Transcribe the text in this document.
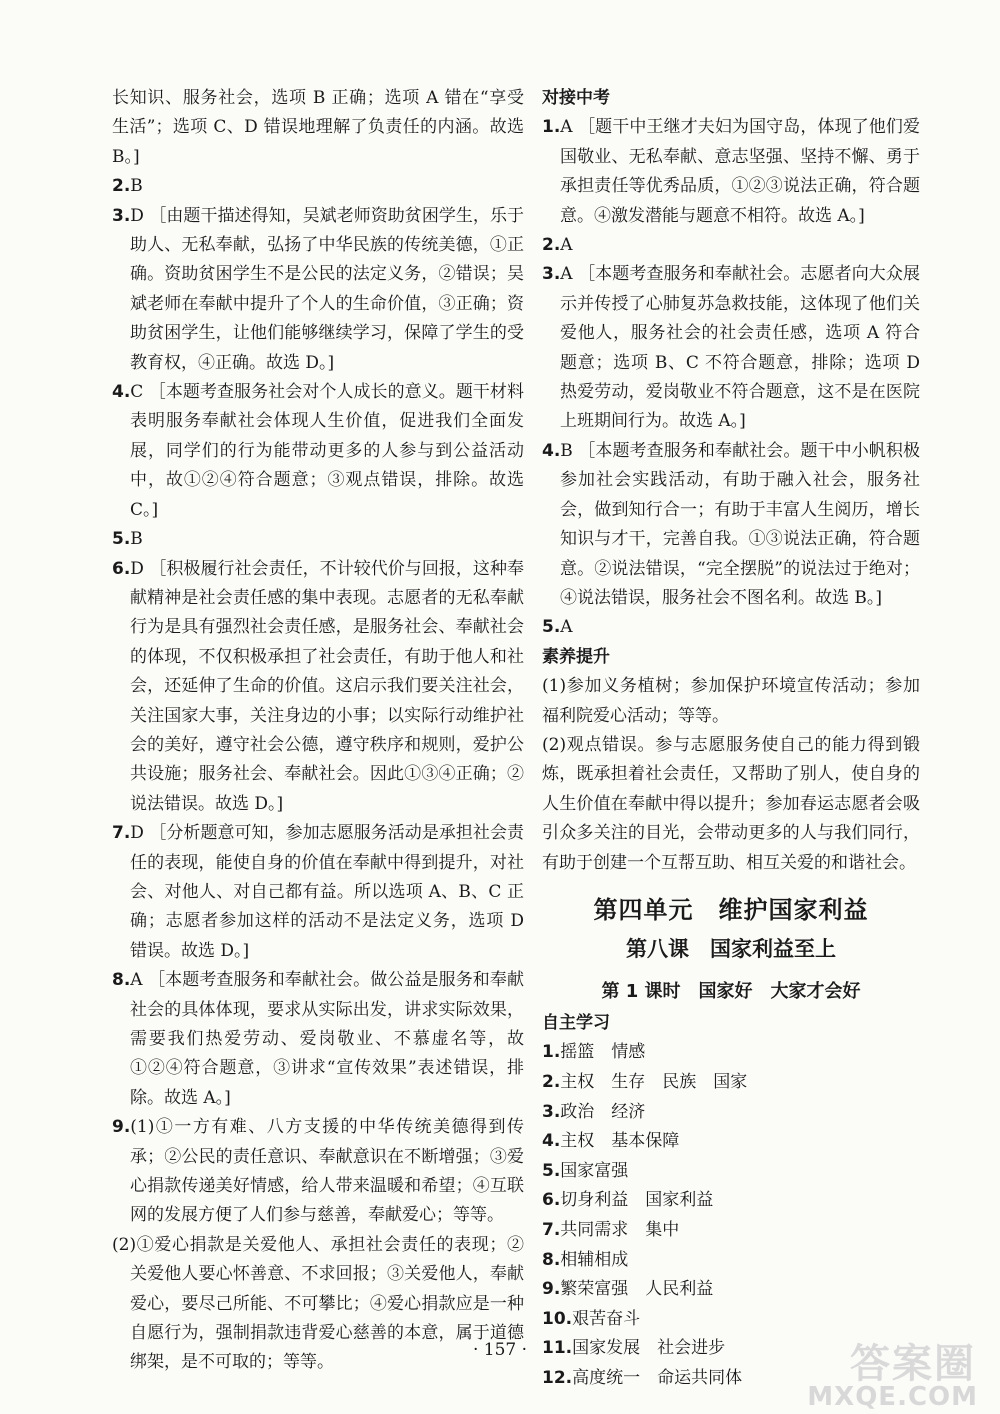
长知识、服务社会，选项 B 正确；选项 A 错在“享受生活”；选项 C、D 错误地理解了负责任的内涵。故选 B。]

2.B

3.D ［由题干描述得知，吴斌老师资助贫困学生，乐于助人、无私奉献，弘扬了中华民族的传统美德，①正确。资助贫困学生不是公民的法定义务，②错误；吴斌老师在奉献中提升了个人的生命价值，③正确；资助贫困学生，让他们能够继续学习，保障了学生的受教育权，④正确。故选 D。]

4.C ［本题考查服务社会对个人成长的意义。题干材料表明服务奉献社会体现人生价值，促进我们全面发展，同学们的行为能带动更多的人参与到公益活动中，故①②④符合题意；③观点错误，排除。故选 C。]

5.B

6.D ［积极履行社会责任，不计较代价与回报，这种奉献精神是社会责任感的集中表现。志愿者的无私奉献行为是具有强烈社会责任感，是服务社会、奉献社会的体现，不仅积极承担了社会责任，有助于他人和社会，还延伸了生命的价值。这启示我们要关注社会，关注国家大事，关注身边的小事；以实际行动维护社会的美好，遵守社会公德，遵守秩序和规则，爱护公共设施；服务社会、奉献社会。因此①③④正确；②说法错误。故选 D。]

7.D ［分析题意可知，参加志愿服务活动是承担社会责任的表现，能使自身的价值在奉献中得到提升，对社会、对他人、对自己都有益。所以选项 A、B、C 正确；志愿者参加这样的活动不是法定义务，选项 D 错误。故选 D。]

8.A ［本题考查服务和奉献社会。做公益是服务和奉献社会的具体体现，要求从实际出发，讲求实际效果，需要我们热爱劳动、爱岗敬业、不慕虚名等，故①②④符合题意，③讲求“宣传效果”表述错误，排除。故选 A。]

9.(1)①一方有难、八方支援的中华传统美德得到传承；②公民的责任意识、奉献意识在不断增强；③爱心捐款传递美好情感，给人带来温暖和希望；④互联网的发展方便了人们参与慈善，奉献爱心；等等。

(2)①爱心捐款是关爱他人、承担社会责任的表现；②关爱他人要心怀善意、不求回报；③关爱他人，奉献爱心，要尽己所能、不可攀比；④爱心捐款应是一种自愿行为，强制捐款违背爱心慈善的本意，属于道德绑架，是不可取的；等等。

对接中考

1.A ［题干中王继才夫妇为国守岛，体现了他们爱国敬业、无私奉献、意志坚强、坚持不懈、勇于承担责任等优秀品质，①②③说法正确，符合题意。④激发潜能与题意不相符。故选 A。]

2.A

3.A ［本题考查服务和奉献社会。志愿者向大众展示并传授了心肺复苏急救技能，这体现了他们关爱他人，服务社会的社会责任感，选项 A 符合题意；选项 B、C 不符合题意，排除；选项 D 热爱劳动，爱岗敬业不符合题意，这不是在医院上班期间行为。故选 A。]

4.B ［本题考查服务和奉献社会。题干中小帆积极参加社会实践活动，有助于融入社会，服务社会，做到知行合一；有助于丰富人生阅历，增长知识与才干，完善自我。①③说法正确，符合题意。②说法错误，“完全摆脱”的说法过于绝对；④说法错误，服务社会不图名利。故选 B。]

5.A

素养提升

(1)参加义务植树；参加保护环境宣传活动；参加福利院爱心活动；等等。

(2)观点错误。参与志愿服务使自己的能力得到锻炼，既承担着社会责任，又帮助了别人，使自身的人生价值在奉献中得以提升；参加春运志愿者会吸引众多关注的目光，会带动更多的人与我们同行，有助于创建一个互帮互助、相互关爱的和谐社会。

第四单元　维护国家利益
第八课　国家利益至上
第 1 课时　国家好　大家才会好

自主学习

1.摇篮　情感

2.主权　生存　民族　国家

3.政治　经济

4.主权　基本保障

5.国家富强

6.切身利益　国家利益

7.共同需求　集中

8.相辅相成

9.繁荣富强　人民利益

10.艰苦奋斗

11.国家发展　社会进步

12.高度统一　命运共同体

· 157 ·	答案圈
MXQE.COM
